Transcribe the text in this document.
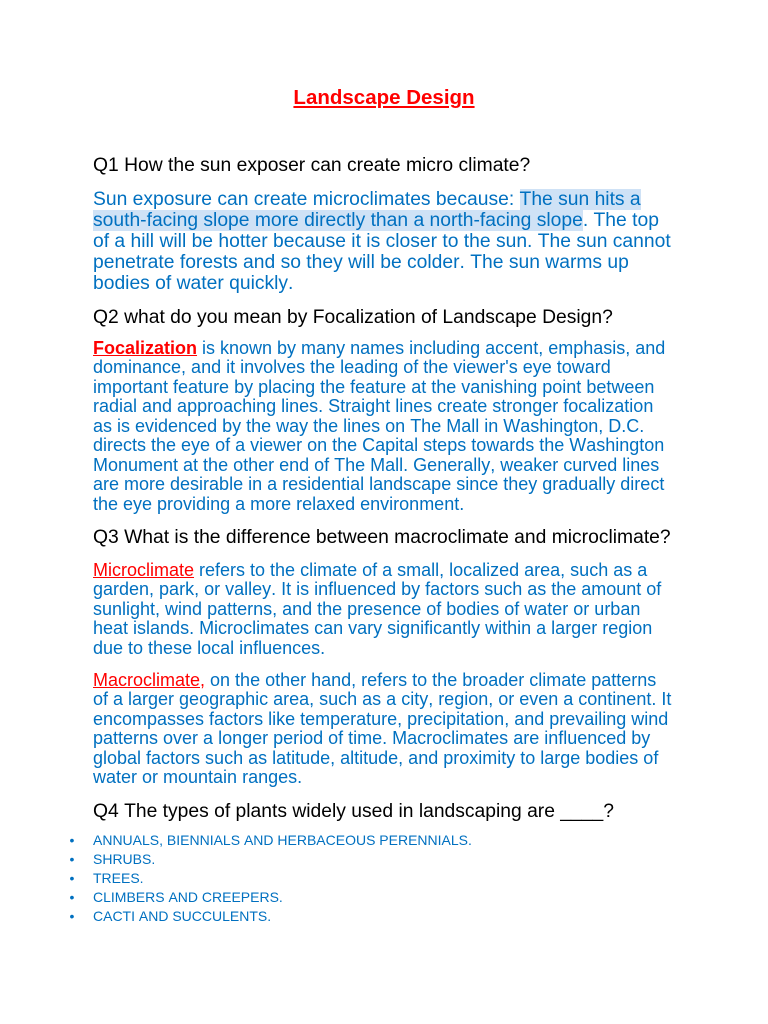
Landscape Design
Q1 How the sun exposer can create micro climate?
Sun exposure can create microclimates because: The sun hits a south-facing slope more directly than a north-facing slope. The top of a hill will be hotter because it is closer to the sun. The sun cannot penetrate forests and so they will be colder. The sun warms up bodies of water quickly.
Q2 what do you mean by Focalization of Landscape Design?
Focalization is known by many names including accent, emphasis, and dominance, and it involves the leading of the viewer's eye toward important feature by placing the feature at the vanishing point between radial and approaching lines. Straight lines create stronger focalization as is evidenced by the way the lines on The Mall in Washington, D.C. directs the eye of a viewer on the Capital steps towards the Washington Monument at the other end of The Mall. Generally, weaker curved lines are more desirable in a residential landscape since they gradually direct the eye providing a more relaxed environment.
Q3 What is the difference between macroclimate and microclimate?
Microclimate refers to the climate of a small, localized area, such as a garden, park, or valley. It is influenced by factors such as the amount of sunlight, wind patterns, and the presence of bodies of water or urban heat islands. Microclimates can vary significantly within a larger region due to these local influences.
Macroclimate, on the other hand, refers to the broader climate patterns of a larger geographic area, such as a city, region, or even a continent. It encompasses factors like temperature, precipitation, and prevailing wind patterns over a longer period of time. Macroclimates are influenced by global factors such as latitude, altitude, and proximity to large bodies of water or mountain ranges.
Q4 The types of plants widely used in landscaping are ____?
•
ANNUALS, BIENNIALS AND HERBACEOUS PERENNIALS.
•
SHRUBS.
•
TREES.
•
CLIMBERS AND CREEPERS.
•
CACTI AND SUCCULENTS.
